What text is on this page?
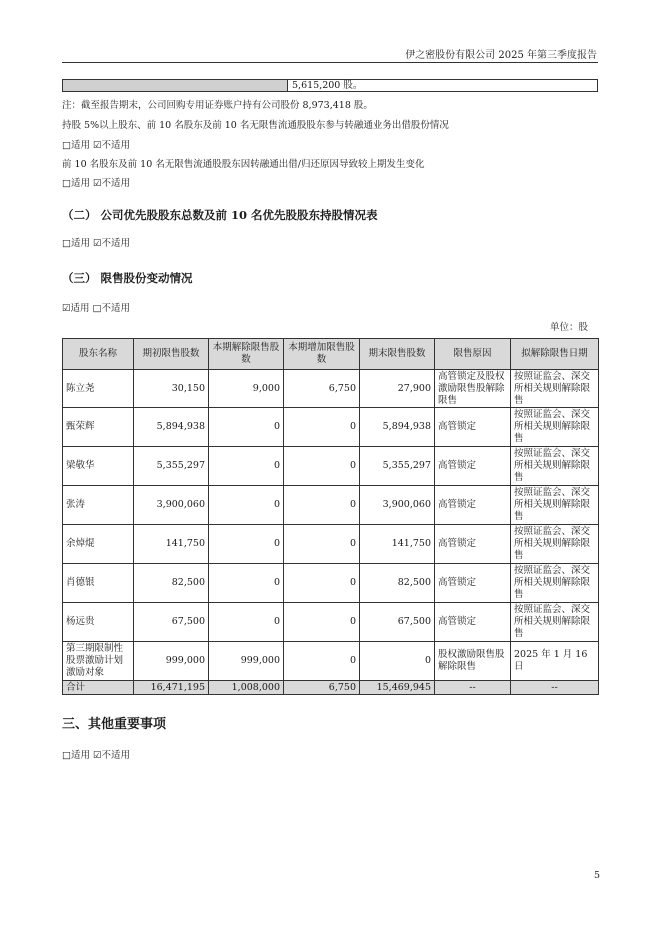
伊之密股份有限公司 2025 年第三季度报告
5,615,200 股。
注：截至报告期末，公司回购专用证券账户持有公司股份 8,973,418 股。
持股 5%以上股东、前 10 名股东及前 10 名无限售流通股股东参与转融通业务出借股份情况
□适用 ☑不适用
前 10 名股东及前 10 名无限售流通股股东因转融通出借/归还原因导致较上期发生变化
□适用 ☑不适用
（二） 公司优先股股东总数及前 10 名优先股股东持股情况表
□适用 ☑不适用
（三） 限售股份变动情况
☑适用 □不适用
单位：股
股东名称	期初限售股数	本期解除限售股数	本期增加限售股数	期末限售股数	限售原因	拟解除限售日期
陈立尧	30,150	9,000	6,750	27,900	高管锁定及股权激励限售股解除限售	按照证监会、深交所相关规则解除限售
甄荣辉	5,894,938	0	0	5,894,938	高管锁定	按照证监会、深交所相关规则解除限售
梁敬华	5,355,297	0	0	5,355,297	高管锁定	按照证监会、深交所相关规则解除限售
张涛	3,900,060	0	0	3,900,060	高管锁定	按照证监会、深交所相关规则解除限售
余焯焜	141,750	0	0	141,750	高管锁定	按照证监会、深交所相关规则解除限售
肖德银	82,500	0	0	82,500	高管锁定	按照证监会、深交所相关规则解除限售
杨远贵	67,500	0	0	67,500	高管锁定	按照证监会、深交所相关规则解除限售
第三期限制性股票激励计划激励对象	999,000	999,000	0	0	股权激励限售股解除限售	2025 年 1 月 16 日
合计	16,471,195	1,008,000	6,750	15,469,945	--	--
三、其他重要事项
□适用 ☑不适用
5
